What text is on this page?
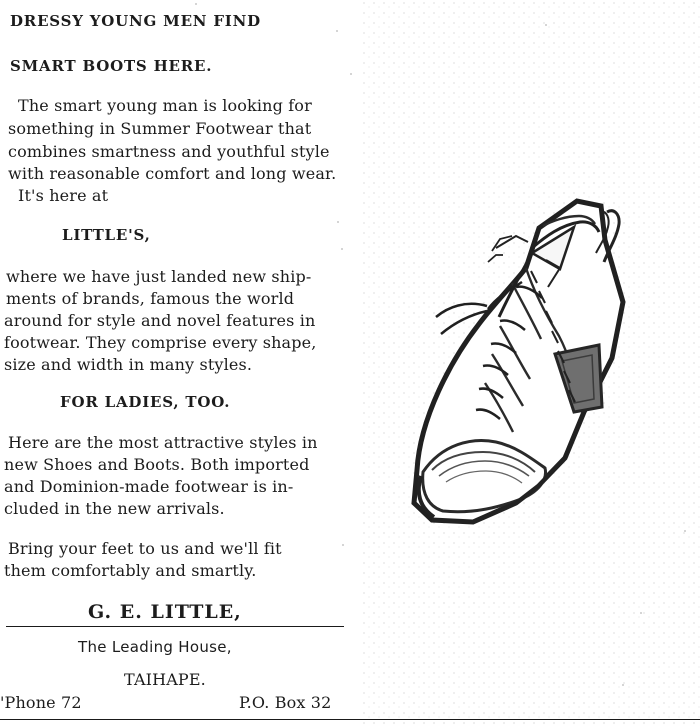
DRESSY YOUNG MEN FIND
SMART BOOTS HERE.
The smart young man is looking for
something in Summer Footwear that
combines smartness and youthful style
with reasonable comfort and long wear.
It's here at
LITTLE'S,
where we have just landed new ship-
ments of brands, famous the world
around for style and novel features in
footwear. They comprise every shape,
size and width in many styles.
FOR LADIES, TOO.
Here are the most attractive styles in
new Shoes and Boots. Both imported
and Dominion-made footwear is in-
cluded in the new arrivals.
Bring your feet to us and we'll fit
them comfortably and smartly.
G. E. LITTLE,
The Leading House,
TAIHAPE.
'Phone 72	P.O. Box 32
